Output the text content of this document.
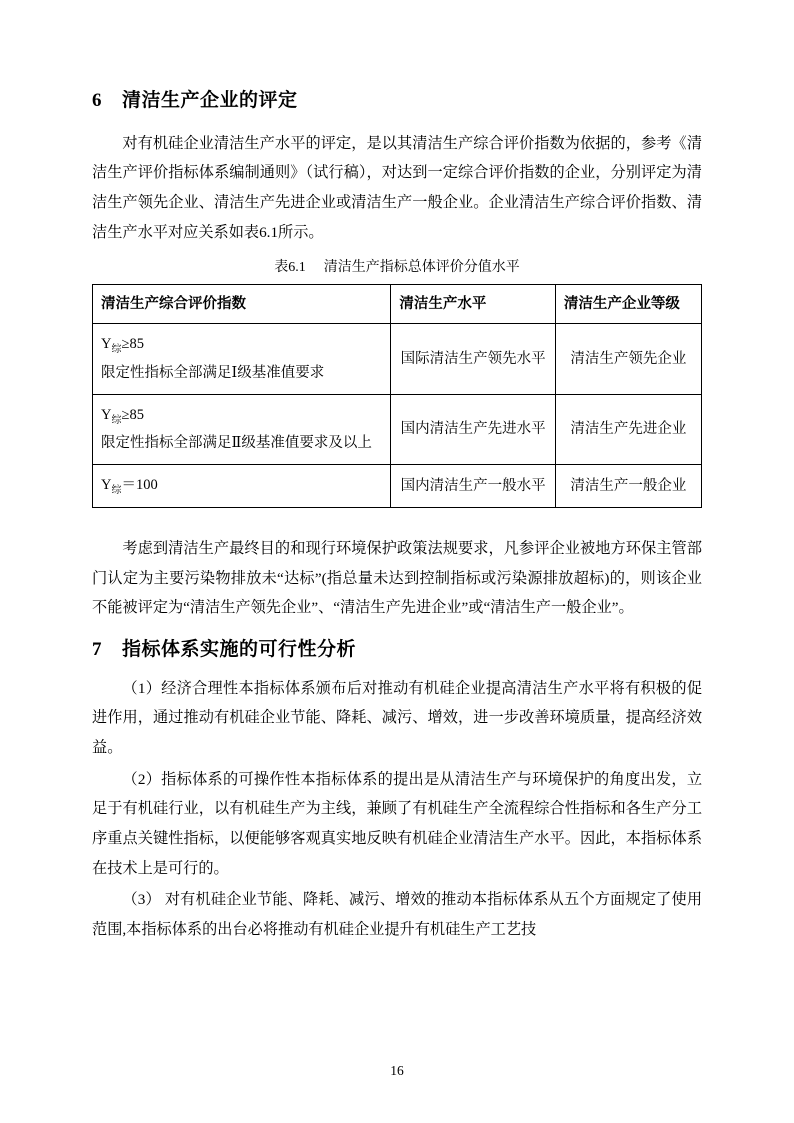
6 清洁生产企业的评定

对有机硅企业清洁生产水平的评定，是以其清洁生产综合评价指数为依据的，参考《清洁生产评价指标体系编制通则》（试行稿），对达到一定综合评价指数的企业，分别评定为清洁生产领先企业、清洁生产先进企业或清洁生产一般企业。企业清洁生产综合评价指数、清洁生产水平对应关系如表6.1所示。

表6.1 清洁生产指标总体评价分值水平
清洁生产综合评价指数	清洁生产水平	清洁生产企业等级

$Y_综\ge 85$
限定性指标全部满足Ⅰ级基准值要求	国际清洁生产领先水平	清洁生产领先企业

$Y_综\ge 85$
限定性指标全部满足Ⅱ级基准值要求及以上	国内清洁生产先进水平	清洁生产先进企业

$Y_综=100$	国内清洁生产一般水平	清洁生产一般企业

考虑到清洁生产最终目的和现行环境保护政策法规要求，凡参评企业被地方环保主管部门认定为主要污染物排放未“达标”(指总量未达到控制指标或污染源排放超标)的，则该企业不能被评定为“清洁生产领先企业”、“清洁生产先进企业”或“清洁生产一般企业”。

7 指标体系实施的可行性分析

（1）经济合理性本指标体系颁布后对推动有机硅企业提高清洁生产水平将有积极的促进作用，通过推动有机硅企业节能、降耗、减污、增效，进一步改善环境质量，提高经济效益。

（2）指标体系的可操作性本指标体系的提出是从清洁生产与环境保护的角度出发，立足于有机硅行业，以有机硅生产为主线，兼顾了有机硅生产全流程综合性指标和各生产分工序重点关键性指标，以便能够客观真实地反映有机硅企业清洁生产水平。因此，本指标体系在技术上是可行的。

（3） 对有机硅企业节能、降耗、减污、增效的推动本指标体系从五个方面规定了使用范围,本指标体系的出台必将推动有机硅企业提升有机硅生产工艺技

16
